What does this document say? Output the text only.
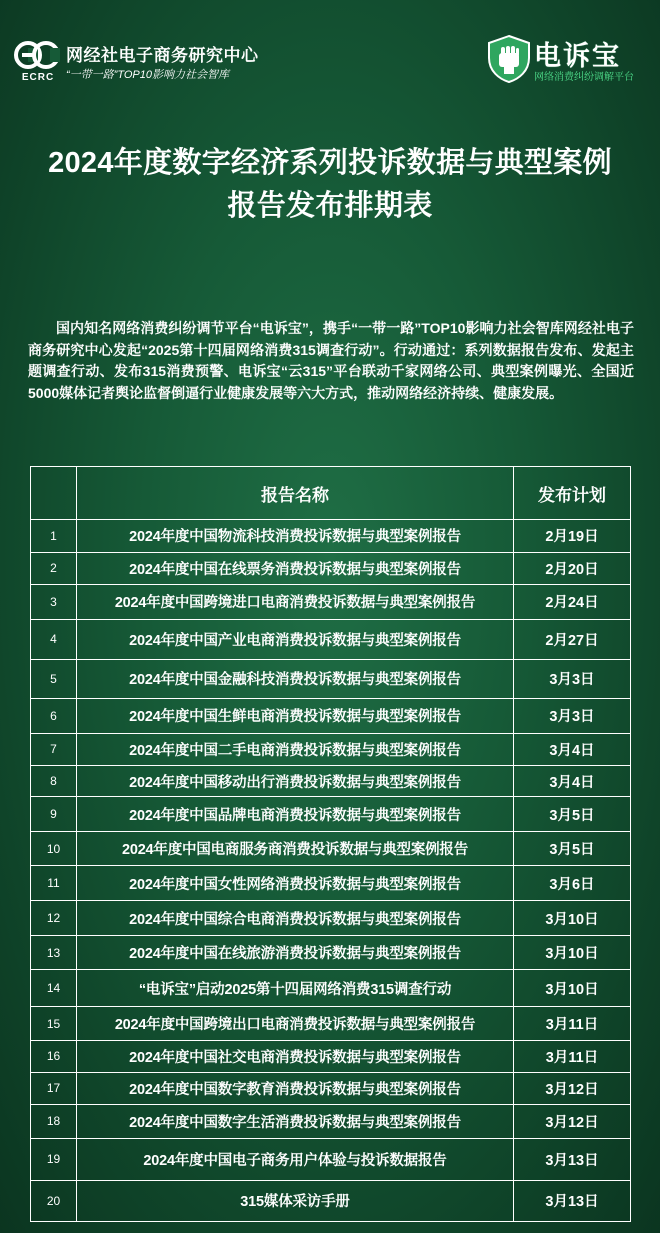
ECRC
网经社电子商务研究中心
“一带一路”TOP10影响力社会智库
电诉宝
网络消费纠纷调解平台
2024年度数字经济系列投诉数据与典型案例
报告发布排期表
国内知名网络消费纠纷调节平台“电诉宝”，携手“一带一路”TOP10影响力社会智库网经社电子商务研究中心发起“2025第十四届网络消费315调查行动”。行动通过：系列数据报告发布、发起主题调查行动、发布315消费预警、电诉宝“云315”平台联动千家网络公司、典型案例曝光、全国近5000媒体记者舆论监督倒逼行业健康发展等六大方式，推动网络经济持续、健康发展。
	报告名称	发布计划
1	2024年度中国物流科技消费投诉数据与典型案例报告	2月19日
2	2024年度中国在线票务消费投诉数据与典型案例报告	2月20日
3	2024年度中国跨境进口电商消费投诉数据与典型案例报告	2月24日
4	2024年度中国产业电商消费投诉数据与典型案例报告	2月27日
5	2024年度中国金融科技消费投诉数据与典型案例报告	3月3日
6	2024年度中国生鲜电商消费投诉数据与典型案例报告	3月3日
7	2024年度中国二手电商消费投诉数据与典型案例报告	3月4日
8	2024年度中国移动出行消费投诉数据与典型案例报告	3月4日
9	2024年度中国品牌电商消费投诉数据与典型案例报告	3月5日
10	2024年度中国电商服务商消费投诉数据与典型案例报告	3月5日
11	2024年度中国女性网络消费投诉数据与典型案例报告	3月6日
12	2024年度中国综合电商消费投诉数据与典型案例报告	3月10日
13	2024年度中国在线旅游消费投诉数据与典型案例报告	3月10日
14	“电诉宝”启动2025第十四届网络消费315调查行动	3月10日
15	2024年度中国跨境出口电商消费投诉数据与典型案例报告	3月11日
16	2024年度中国社交电商消费投诉数据与典型案例报告	3月11日
17	2024年度中国数字教育消费投诉数据与典型案例报告	3月12日
18	2024年度中国数字生活消费投诉数据与典型案例报告	3月12日
19	2024年度中国电子商务用户体验与投诉数据报告	3月13日
20	315媒体采访手册	3月13日
